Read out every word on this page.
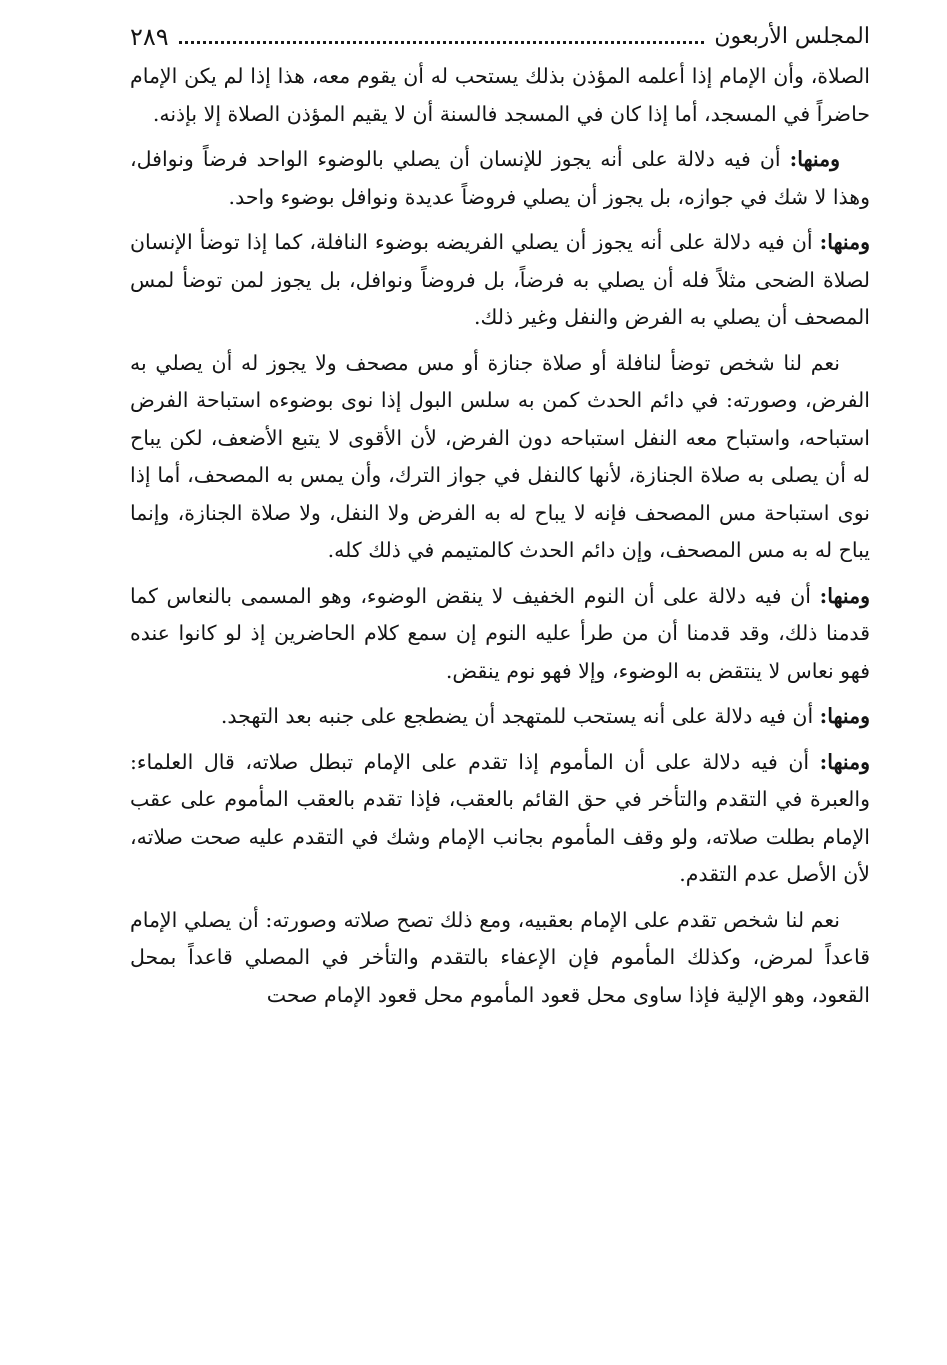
المجلس الأربعون
٢٨٩
الصلاة، وأن الإمام إذا أعلمه المؤذن بذلك يستحب له أن يقوم معه، هذا إذا لم يكن الإمام حاضراً في المسجد، أما إذا كان في المسجد فالسنة أن لا يقيم المؤذن الصلاة إلا بإذنه.
ومنها: أن فيه دلالة على أنه يجوز للإنسان أن يصلي بالوضوء الواحد فرضاً ونوافل، وهذا لا شك في جوازه، بل يجوز أن يصلي فروضاً عديدة ونوافل بوضوء واحد.
ومنها: أن فيه دلالة على أنه يجوز أن يصلي الفريضه بوضوء النافلة، كما إذا توضأ الإنسان لصلاة الضحى مثلاً فله أن يصلي به فرضاً، بل فروضاً ونوافل، بل يجوز لمن توضأ لمس المصحف أن يصلي به الفرض والنفل وغير ذلك.
نعم لنا شخص توضأ لنافلة أو صلاة جنازة أو مس مصحف ولا يجوز له أن يصلي به الفرض، وصورته: في دائم الحدث كمن به سلس البول إذا نوى بوضوءه استباحة الفرض استباحه، واستباح معه النفل استباحه دون الفرض، لأن الأقوى لا يتبع الأضعف، لكن يباح له أن يصلى به صلاة الجنازة، لأنها كالنفل في جواز الترك، وأن يمس به المصحف، أما إذا نوى استباحة مس المصحف فإنه لا يباح له به الفرض ولا النفل، ولا صلاة الجنازة، وإنما يباح له به مس المصحف، وإن دائم الحدث كالمتيمم في ذلك كله.
ومنها: أن فيه دلالة على أن النوم الخفيف لا ينقض الوضوء، وهو المسمى بالنعاس كما قدمنا ذلك، وقد قدمنا أن من طرأ عليه النوم إن سمع كلام الحاضرين إذ لو كانوا عنده فهو نعاس لا ينتقض به الوضوء، وإلا فهو نوم ينقض.
ومنها: أن فيه دلالة على أنه يستحب للمتهجد أن يضطجع على جنبه بعد التهجد.
ومنها: أن فيه دلالة على أن المأموم إذا تقدم على الإمام تبطل صلاته، قال العلماء: والعبرة في التقدم والتأخر في حق القائم بالعقب، فإذا تقدم بالعقب المأموم على عقب الإمام بطلت صلاته، ولو وقف المأموم بجانب الإمام وشك في التقدم عليه صحت صلاته، لأن الأصل عدم التقدم.
نعم لنا شخص تقدم على الإمام بعقبيه، ومع ذلك تصح صلاته وصورته: أن يصلي الإمام قاعداً لمرض، وكذلك المأموم فإن الإعفاء بالتقدم والتأخر في المصلي قاعداً بمحل القعود، وهو الإلية فإذا ساوى محل قعود المأموم محل قعود الإمام صحت
